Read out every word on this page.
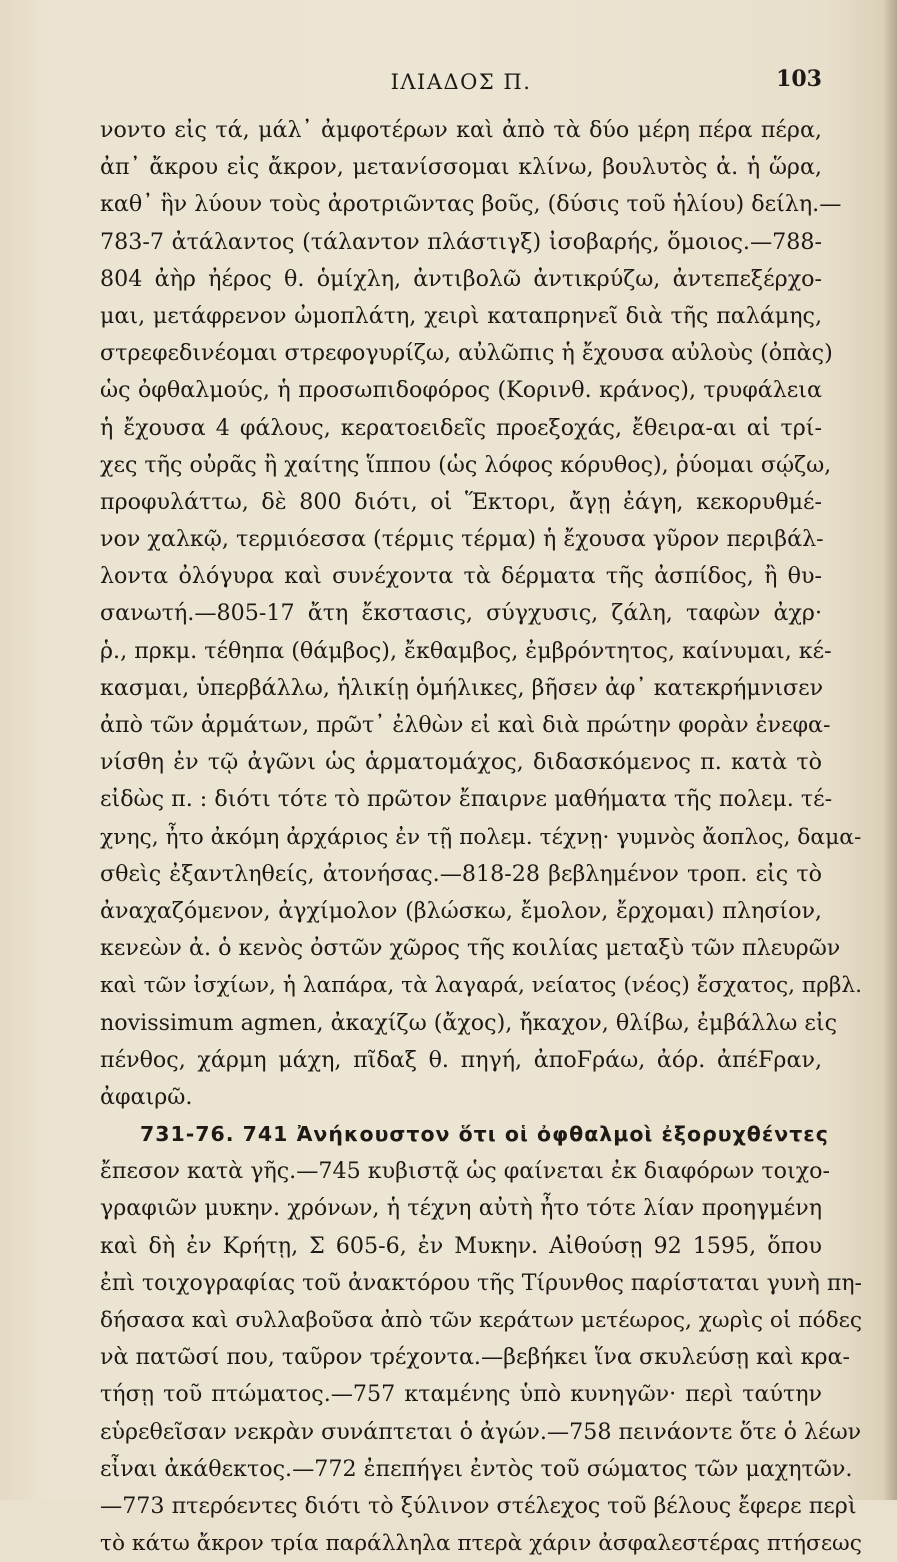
ΙΛΙΑΔΟΣ Π.	103
νοντο εἰς τά, μάλ᾽ ἀμφοτέρων καὶ ἀπὸ τὰ δύο μέρη πέρα πέρα,
ἀπ᾽ ἄκρου εἰς ἄκρον, μετανίσσομαι κλίνω, βουλυτὸς ἀ. ἡ ὥρα,
καθ᾽ ἣν λύουν τοὺς ἀροτριῶντας βοῦς, (δύσις τοῦ ἡλίου) δείλη.—
783-7 ἀτάλαντος (τάλαντον πλάστιγξ) ἰσοβαρής, ὅμοιος.—788-
804 ἀὴρ ἠέρος θ. ὁμίχλη, ἀντιβολῶ ἀντικρύζω, ἀντεπεξέρχο-
μαι, μετάφρενον ὠμοπλάτη, χειρὶ καταπρηνεῖ διὰ τῆς παλάμης,
στρεφεδινέομαι στρεφογυρίζω, αὐλῶπις ἡ ἔχουσα αὐλοὺς (ὀπὰς)
ὡς ὀφθαλμούς, ἡ προσωπιδοφόρος (Κορινθ. κράνος), τρυφάλεια
ἡ ἔχουσα 4 φάλους, κερατοειδεῖς προεξοχάς, ἔθειρα-αι αἱ τρί-
χες τῆς οὐρᾶς ἢ χαίτης ἵππου (ὡς λόφος κόρυθος), ῥύομαι σῴζω,
προφυλάττω, δὲ 800 διότι, οἱ Ἕκτορι, ἄγῃ ἐάγη, κεκορυθμέ-
νον χαλκῷ, τερμιόεσσα (τέρμις τέρμα) ἡ ἔχουσα γῦρον περιβάλ-
λοντα ὀλόγυρα καὶ συνέχοντα τὰ δέρματα τῆς ἀσπίδος, ἢ θυ-
σανωτή.—805-17 ἄτη ἔκστασις, σύγχυσις, ζάλη, ταφὼν ἀχρ·
ῥ., πρκμ. τέθηπα (θάμβος), ἔκθαμβος, ἐμβρόντητος, καίνυμαι, κέ-
κασμαι, ὑπερβάλλω, ἡλικίῃ ὁμήλικες, βῆσεν ἀφ᾽ κατεκρήμνισεν
ἀπὸ τῶν ἁρμάτων, πρῶτ᾽ ἐλθὼν εἰ καὶ διὰ πρώτην φορὰν ἐνεφα-
νίσθη ἐν τῷ ἀγῶνι ὡς ἁρματομάχος, διδασκόμενος π. κατὰ τὸ
εἰδὼς π. : διότι τότε τὸ πρῶτον ἔπαιρνε μαθήματα τῆς πολεμ. τέ-
χνης, ἦτο ἀκόμη ἀρχάριος ἐν τῇ πολεμ. τέχνῃ· γυμνὸς ἄοπλος, δαμα-
σθεὶς ἐξαντληθείς, ἀτονήσας.—818-28 βεβλημένον τροπ. εἰς τὸ
ἀναχαζόμενον, ἀγχίμολον (βλώσκω, ἔμολον, ἔρχομαι) πλησίον,
κενεὼν ἀ. ὁ κενὸς ὀστῶν χῶρος τῆς κοιλίας μεταξὺ τῶν πλευρῶν
καὶ τῶν ἰσχίων, ἡ λαπάρα, τὰ λαγαρά, νείατος (νέος) ἔσχατος, πρβλ.
novissimum agmen, ἀκαχίζω (ἄχος), ἤκαχον, θλίβω, ἐμβάλλω εἰς
πένθος, χάρμη μάχη, πῖδαξ θ. πηγή, ἀποϜράω, ἀόρ. ἀπέϜραν,
ἀφαιρῶ.
731-76. 741 Ἀνήκουστον ὅτι οἱ ὀφθαλμοὶ ἐξορυχθέντες
ἔπεσον κατὰ γῆς.—745 κυβιστᾷ ὡς φαίνεται ἐκ διαφόρων τοιχο-
γραφιῶν μυκην. χρόνων, ἡ τέχνη αὐτὴ ἦτο τότε λίαν προηγμένη
καὶ δὴ ἐν Κρήτῃ, Σ 605-6, ἐν Μυκην. Αἰθούσῃ 92 1595, ὅπου
ἐπὶ τοιχογραφίας τοῦ ἀνακτόρου τῆς Τίρυνθος παρίσταται γυνὴ πη-
δήσασα καὶ συλλαβοῦσα ἀπὸ τῶν κεράτων μετέωρος, χωρὶς οἱ πόδες
νὰ πατῶσί που, ταῦρον τρέχοντα.—βεβήκει ἵνα σκυλεύσῃ καὶ κρα-
τήσῃ τοῦ πτώματος.—757 κταμένης ὑπὸ κυνηγῶν· περὶ ταύτην
εὑρεθεῖσαν νεκρὰν συνάπτεται ὁ ἀγών.—758 πεινάοντε ὅτε ὁ λέων
εἶναι ἀκάθεκτος.—772 ἐπεπήγει ἐντὸς τοῦ σώματος τῶν μαχητῶν.
—773 πτερόεντες διότι τὸ ξύλινον στέλεχος τοῦ βέλους ἔφερε περὶ
τὸ κάτω ἄκρον τρία παράλληλα πτερὰ χάριν ἀσφαλεστέρας πτήσεως
